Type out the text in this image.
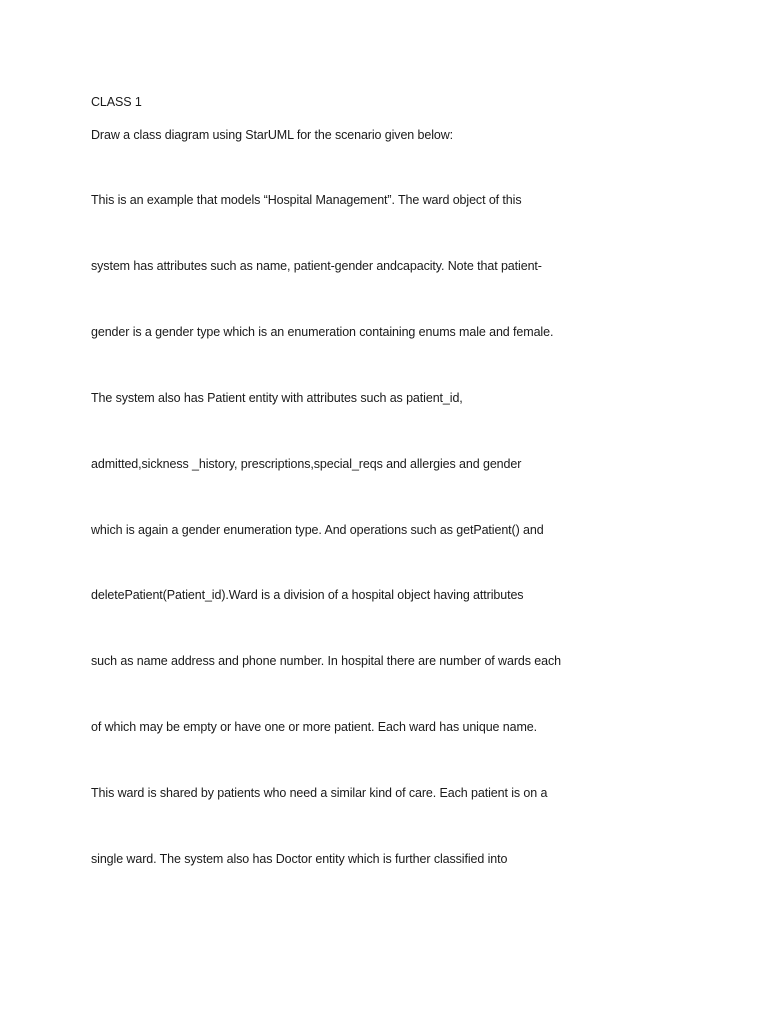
CLASS 1

Draw a class diagram using StarUML for the scenario given below:

This is an example that models “Hospital Management”. The ward object of this

system has attributes such as name, patient-gender andcapacity. Note that patient-

gender is a gender type which is an enumeration containing enums male and female.

The system also has Patient entity with attributes such as patient_id,

admitted,sickness _history, prescriptions,special_reqs and allergies and gender

which is again a gender enumeration type. And operations such as getPatient() and

deletePatient(Patient_id).Ward is a division of a hospital object having attributes

such as name address and phone number. In hospital there are number of wards each

of which may be empty or have one or more patient. Each ward has unique name.

This ward is shared by patients who need a similar kind of care. Each patient is on a

single ward. The system also has Doctor entity which is further classified into
